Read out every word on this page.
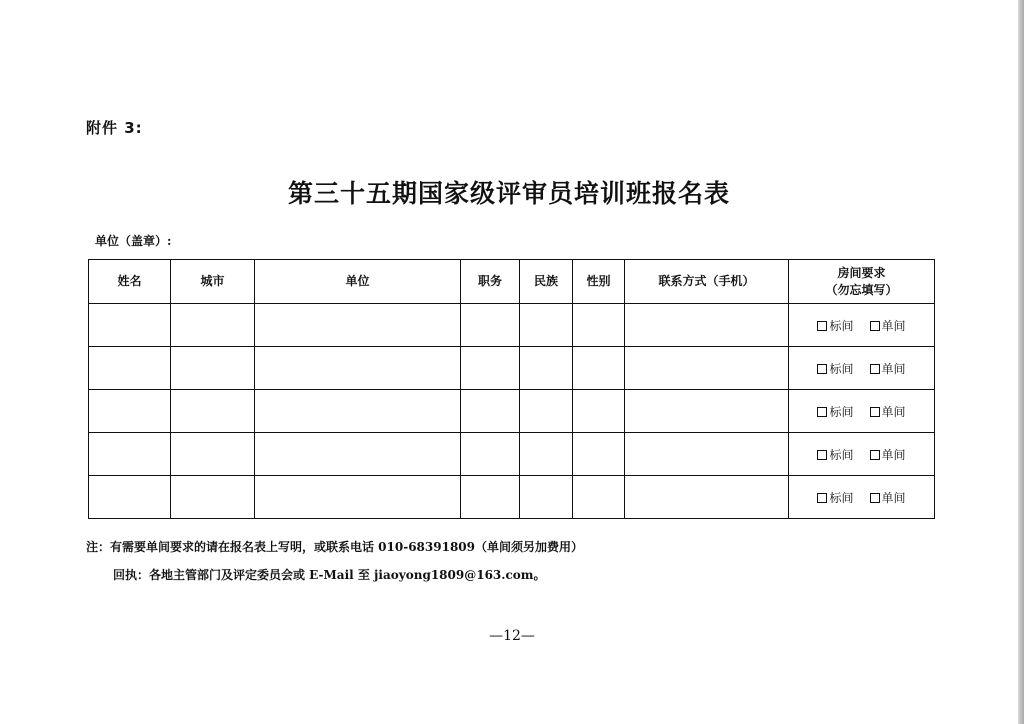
附件 3:
第三十五期国家级评审员培训班报名表
单位（盖章）:
姓名	城市	单位	职务	民族	性别	联系方式（手机）	房间要求
（勿忘填写）

							标间 单间
							标间 单间
							标间 单间
							标间 单间
							标间 单间
注：有需要单间要求的请在报名表上写明，或联系电话 010-68391809（单间须另加费用）
回执：各地主管部门及评定委员会或 E-Mail 至 jiaoyong1809@163.com。
—12—
